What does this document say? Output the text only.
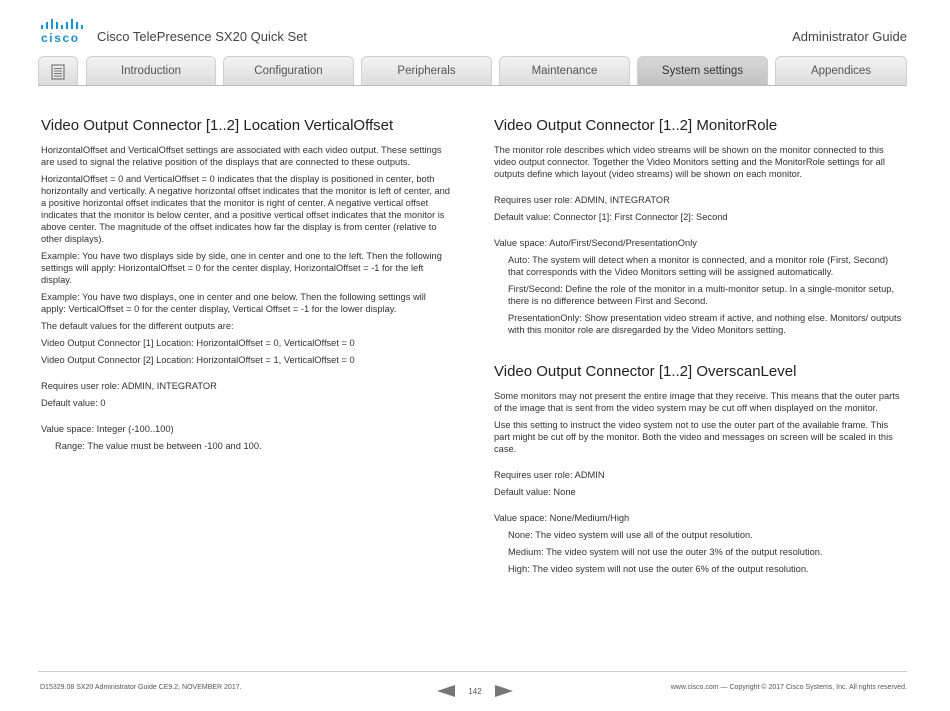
cisco Cisco TelePresence SX20 Quick Set	Administrator Guide
Introduction	Configuration	Peripherals	Maintenance	System settings	Appendices
Video Output Connector [1..2] Location VerticalOffset

HorizontalOffset and VerticalOffset settings are associated with each video output. These settings are used to signal the relative position of the displays that are connected to these outputs.

HorizontalOffset = 0 and VerticalOffset = 0 indicates that the display is positioned in center, both horizontally and vertically. A negative horizontal offset indicates that the monitor is left of center, and a positive horizontal offset indicates that the monitor is right of center. A negative vertical offset indicates that the monitor is below center, and a positive vertical offset indicates that the monitor is above center. The magnitude of the offset indicates how far the display is from center (relative to other displays).

Example: You have two displays side by side, one in center and one to the left. Then the following settings will apply: HorizontalOffset = 0 for the center display, HorizontalOffset = -1 for the left display.

Example: You have two displays, one in center and one below. Then the following settings will apply: VerticalOffset = 0 for the center display, Vertical Offset = -1 for the lower display.

The default values for the different outputs are:

Video Output Connector [1] Location: HorizontalOffset = 0, VerticalOffset = 0

Video Output Connector [2] Location: HorizontalOffset = 1, VerticalOffset = 0

Requires user role: ADMIN, INTEGRATOR

Default value: 0

Value space: Integer (-100..100)

Range: The value must be between -100 and 100.

Video Output Connector [1..2] MonitorRole

The monitor role describes which video streams will be shown on the monitor connected to this video output connector. Together the Video Monitors setting and the MonitorRole settings for all outputs define which layout (video streams) will be shown on each monitor.

Requires user role: ADMIN, INTEGRATOR

Default value: Connector [1]: First Connector [2]: Second

Value space: Auto/First/Second/PresentationOnly

Auto: The system will detect when a monitor is connected, and a monitor role (First, Second) that corresponds with the Video Monitors setting will be assigned automatically.

First/Second: Define the role of the monitor in a multi-monitor setup. In a single-monitor setup, there is no difference between First and Second.

PresentationOnly: Show presentation video stream if active, and nothing else. Monitors/ outputs with this monitor role are disregarded by the Video Monitors setting.

Video Output Connector [1..2] OverscanLevel

Some monitors may not present the entire image that they receive. This means that the outer parts of the image that is sent from the video system may be cut off when displayed on the monitor.

Use this setting to instruct the video system not to use the outer part of the available frame. This part might be cut off by the monitor. Both the video and messages on screen will be scaled in this case.

Requires user role: ADMIN

Default value: None

Value space: None/Medium/High

None: The video system will use all of the output resolution.

Medium: The video system will not use the outer 3% of the output resolution.

High: The video system will not use the outer 6% of the output resolution.

D15329.08 SX20 Administrator Guide CE9.2, NOVEMBER 2017.	142	www.cisco.com — Copyright © 2017 Cisco Systems, Inc. All rights reserved.
